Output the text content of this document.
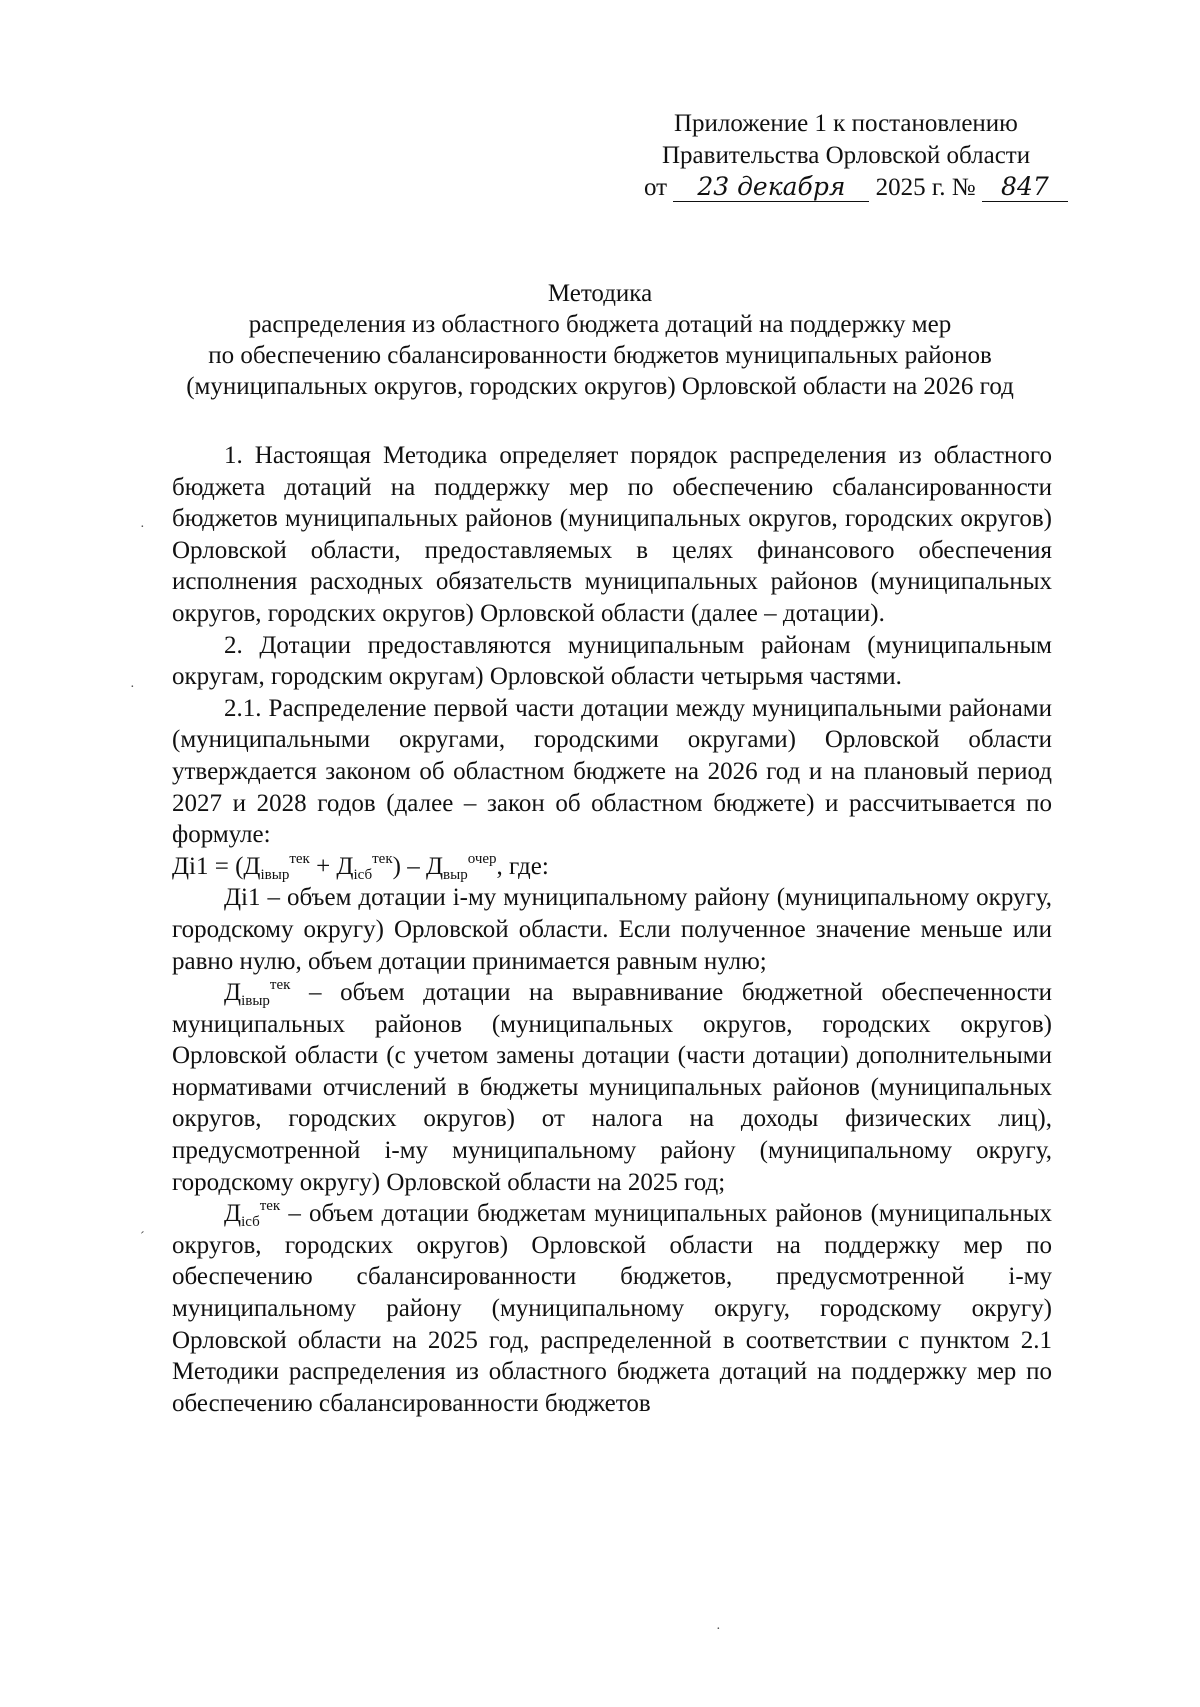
Приложение 1 к постановлению
Правительства Орловской области
от 23 декабря 2025 г. № 847
Методика
распределения из областного бюджета дотаций на поддержку мер
по обеспечению сбалансированности бюджетов муниципальных районов
(муниципальных округов, городских округов) Орловской области на 2026 год

1. Настоящая Методика определяет порядок распределения из областного бюджета дотаций на поддержку мер по обеспечению сбалансированности бюджетов муниципальных районов (муниципальных округов, городских округов) Орловской области, предоставляемых в целях финансового обеспечения исполнения расходных обязательств муниципальных районов (муниципальных округов, городских округов) Орловской области (далее – дотации).

2. Дотации предоставляются муниципальным районам (муниципальным округам, городским округам) Орловской области четырьмя частями.

2.1. Распределение первой части дотации между муниципальными районами (муниципальными округами, городскими округами) Орловской области утверждается законом об областном бюджете на 2026 год и на плановый период 2027 и 2028 годов (далее – закон об областном бюджете) и рассчитывается по формуле:

$Дi1 = (Д_{iвыр}^{тек} + Д_{iсб}^{тек}) - Д_{выр}^{очер}$, где:

Дi1 – объем дотации i-му муниципальному району (муниципальному округу, городскому округу) Орловской области. Если полученное значение меньше или равно нулю, объем дотации принимается равным нулю;

$Д_{iвыр}^{тек}$ – объем дотации на выравнивание бюджетной обеспеченности муниципальных районов (муниципальных округов, городских округов) Орловской области (с учетом замены дотации (части дотации) дополнительными нормативами отчислений в бюджеты муниципальных районов (муниципальных округов, городских округов) от налога на доходы физических лиц), предусмотренной i-му муниципальному району (муниципальному округу, городскому округу) Орловской области на 2025 год;

$Д_{iсб}^{тек}$ – объем дотации бюджетам муниципальных районов (муниципальных округов, городских округов) Орловской области на поддержку мер по обеспечению сбалансированности бюджетов, предусмотренной i-му муниципальному району (муниципальному округу, городскому округу) Орловской области на 2025 год, распределенной в соответствии с пунктом 2.1 Методики распределения из областного бюджета дотаций на поддержку мер по обеспечению сбалансированности бюджетов

·
·
´
·
